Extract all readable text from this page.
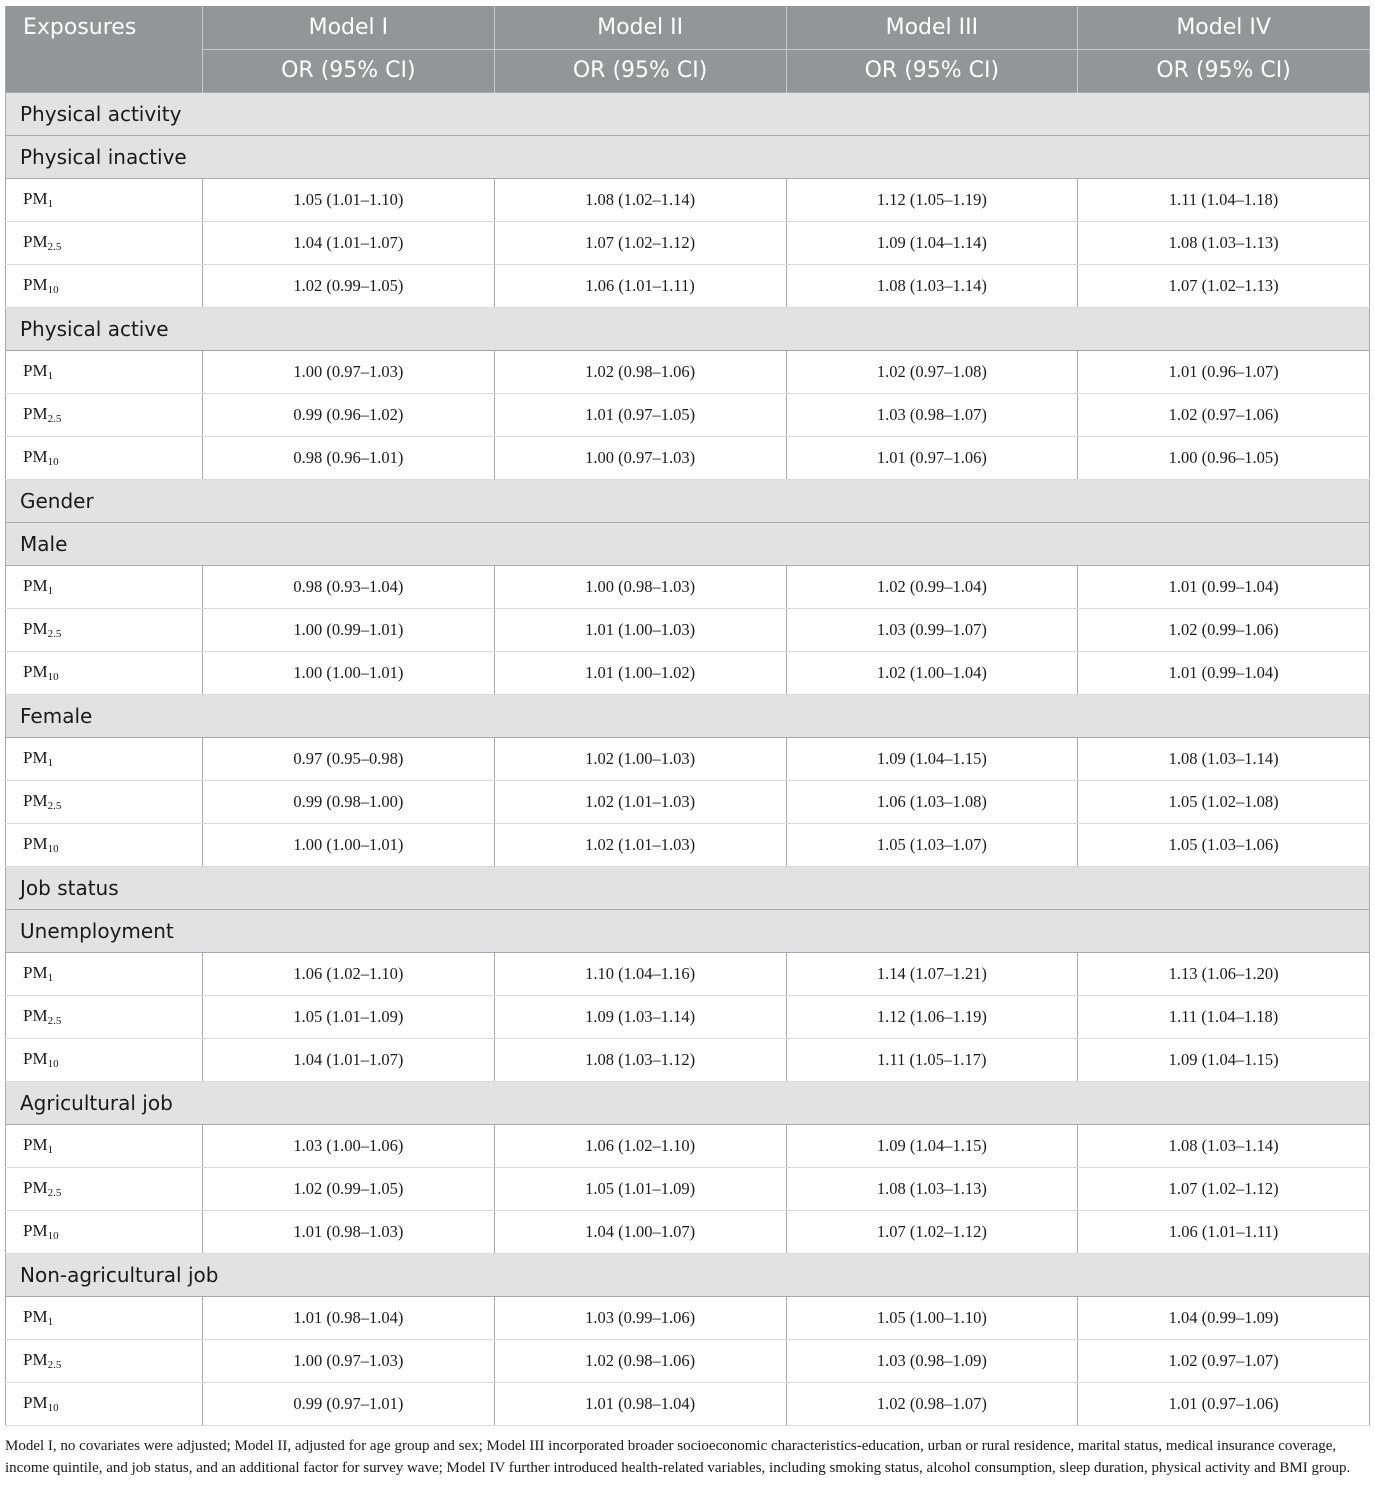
Exposures	Model I	Model II	Model III	Model IV
	OR (95% CI)	OR (95% CI)	OR (95% CI)	OR (95% CI)
Physical activity				
Physical inactive				
$PM_1$	1.05 (1.01–1.10)	1.08 (1.02–1.14)	1.12 (1.05–1.19)	1.11 (1.04–1.18)
$PM_{2.5}$	1.04 (1.01–1.07)	1.07 (1.02–1.12)	1.09 (1.04–1.14)	1.08 (1.03–1.13)
$PM_{10}$	1.02 (0.99–1.05)	1.06 (1.01–1.11)	1.08 (1.03–1.14)	1.07 (1.02–1.13)
Physical active				
$PM_1$	1.00 (0.97–1.03)	1.02 (0.98–1.06)	1.02 (0.97–1.08)	1.01 (0.96–1.07)
$PM_{2.5}$	0.99 (0.96–1.02)	1.01 (0.97–1.05)	1.03 (0.98–1.07)	1.02 (0.97–1.06)
$PM_{10}$	0.98 (0.96–1.01)	1.00 (0.97–1.03)	1.01 (0.97–1.06)	1.00 (0.96–1.05)
Gender				
Male				
$PM_1$	0.98 (0.93–1.04)	1.00 (0.98–1.03)	1.02 (0.99–1.04)	1.01 (0.99–1.04)
$PM_{2.5}$	1.00 (0.99–1.01)	1.01 (1.00–1.03)	1.03 (0.99–1.07)	1.02 (0.99–1.06)
$PM_{10}$	1.00 (1.00–1.01)	1.01 (1.00–1.02)	1.02 (1.00–1.04)	1.01 (0.99–1.04)
Female				
$PM_1$	0.97 (0.95–0.98)	1.02 (1.00–1.03)	1.09 (1.04–1.15)	1.08 (1.03–1.14)
$PM_{2.5}$	0.99 (0.98–1.00)	1.02 (1.01–1.03)	1.06 (1.03–1.08)	1.05 (1.02–1.08)
$PM_{10}$	1.00 (1.00–1.01)	1.02 (1.01–1.03)	1.05 (1.03–1.07)	1.05 (1.03–1.06)
Job status				
Unemployment				
$PM_1$	1.06 (1.02–1.10)	1.10 (1.04–1.16)	1.14 (1.07–1.21)	1.13 (1.06–1.20)
$PM_{2.5}$	1.05 (1.01–1.09)	1.09 (1.03–1.14)	1.12 (1.06–1.19)	1.11 (1.04–1.18)
$PM_{10}$	1.04 (1.01–1.07)	1.08 (1.03–1.12)	1.11 (1.05–1.17)	1.09 (1.04–1.15)
Agricultural job				
$PM_1$	1.03 (1.00–1.06)	1.06 (1.02–1.10)	1.09 (1.04–1.15)	1.08 (1.03–1.14)
$PM_{2.5}$	1.02 (0.99–1.05)	1.05 (1.01–1.09)	1.08 (1.03–1.13)	1.07 (1.02–1.12)
$PM_{10}$	1.01 (0.98–1.03)	1.04 (1.00–1.07)	1.07 (1.02–1.12)	1.06 (1.01–1.11)
Non-agricultural job				
$PM_1$	1.01 (0.98–1.04)	1.03 (0.99–1.06)	1.05 (1.00–1.10)	1.04 (0.99–1.09)
$PM_{2.5}$	1.00 (0.97–1.03)	1.02 (0.98–1.06)	1.03 (0.98–1.09)	1.02 (0.97–1.07)
$PM_{10}$	0.99 (0.97–1.01)	1.01 (0.98–1.04)	1.02 (0.98–1.07)	1.01 (0.97–1.06)
Model I, no covariates were adjusted; Model II, adjusted for age group and sex; Model III incorporated broader socioeconomic characteristics-education, urban or rural residence, marital status, medical insurance coverage, income quintile, and job status, and an additional factor for survey wave; Model IV further introduced health-related variables, including smoking status, alcohol consumption, sleep duration, physical activity and BMI group.
